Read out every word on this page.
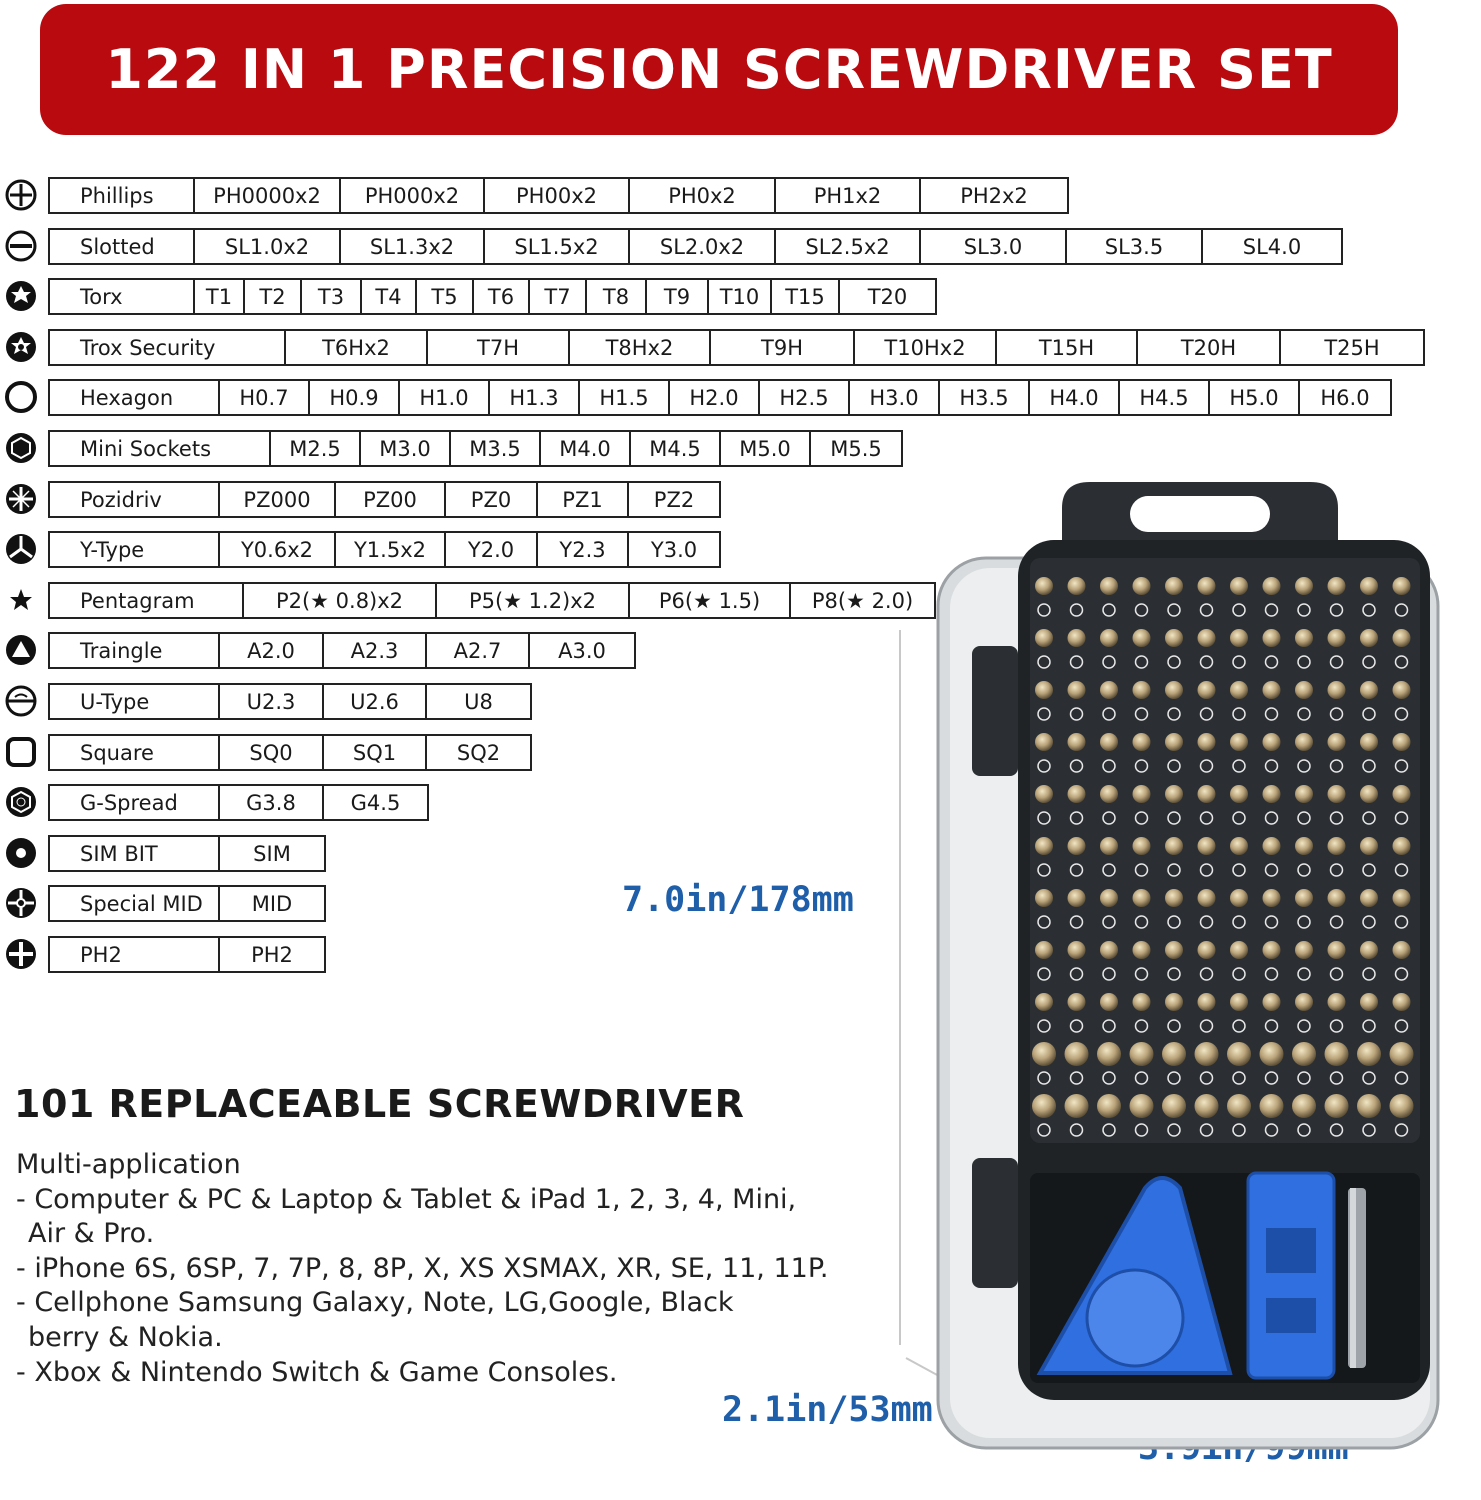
122 IN 1 PRECISION SCREWDRIVER SET
Phillips	PH0000x2	PH000x2	PH00x2	PH0x2	PH1x2	PH2x2
Slotted	SL1.0x2	SL1.3x2	SL1.5x2	SL2.0x2	SL2.5x2	SL3.0	SL3.5	SL4.0
Torx	T1	T2	T3	T4	T5	T6	T7	T8	T9	T10	T15	T20
Trox Security	T6Hx2	T7H	T8Hx2	T9H	T10Hx2	T15H	T20H	T25H
Hexagon	H0.7	H0.9	H1.0	H1.3	H1.5	H2.0	H2.5	H3.0	H3.5	H4.0	H4.5	H5.0	H6.0
Mini Sockets	M2.5	M3.0	M3.5	M4.0	M4.5	M5.0	M5.5
Pozidriv	PZ000	PZ00	PZ0	PZ1	PZ2
Y-Type	Y0.6x2	Y1.5x2	Y2.0	Y2.3	Y3.0
Pentagram	P2(★ 0.8)x2	P5(★ 1.2)x2	P6(★ 1.5)	P8(★ 2.0)
Traingle	A2.0	A2.3	A2.7	A3.0
U-Type	U2.3	U2.6	U8
Square	SQ0	SQ1	SQ2
G-Spread	G3.8	G4.5
SIM BIT	SIM
Special MID	MID
PH2	PH2
101 REPLACEABLE SCREWDRIVER
Multi-application
- Computer & PC & Laptop & Tablet & iPad 1, 2, 3, 4, Mini,
Air & Pro.
- iPhone 6S, 6SP, 7, 7P, 8, 8P, X, XS XSMAX, XR, SE, 11, 11P.
- Cellphone Samsung Galaxy, Note, LG,Google, Black
berry & Nokia.
- Xbox & Nintendo Switch & Game Consoles.
7.0in/178mm
2.1in/53mm
